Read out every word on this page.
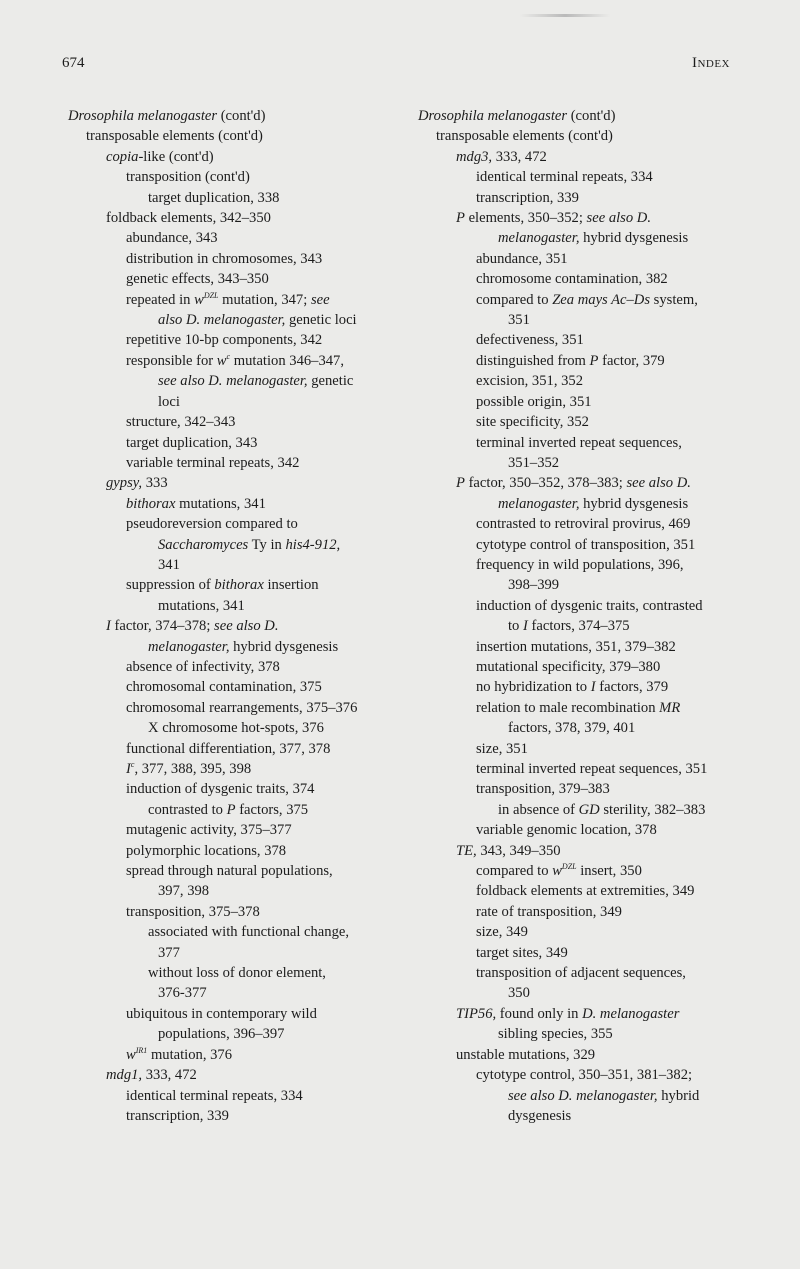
674	Index
Drosophila melanogaster (cont'd)
transposable elements (cont'd)
copia-like (cont'd)
transposition (cont'd)
target duplication, 338
foldback elements, 342–350
abundance, 343
distribution in chromosomes, 343
genetic effects, 343–350
repeated in $w^{DZL}$ mutation, 347; see
also D. melanogaster, genetic loci
repetitive 10-bp components, 342
responsible for $w^c$ mutation 346–347,
see also D. melanogaster, genetic
loci
structure, 342–343
target duplication, 343
variable terminal repeats, 342
gypsy, 333
bithorax mutations, 341
pseudoreversion compared to
Saccharomyces Ty in his4-912,
341
suppression of bithorax insertion
mutations, 341
I factor, 374–378; see also D.
melanogaster, hybrid dysgenesis
absence of infectivity, 378
chromosomal contamination, 375
chromosomal rearrangements, 375–376
X chromosome hot-spots, 376
functional differentiation, 377, 378
$I^c$, 377, 388, 395, 398
induction of dysgenic traits, 374
contrasted to P factors, 375
mutagenic activity, 375–377
polymorphic locations, 378
spread through natural populations,
397, 398
transposition, 375–378
associated with functional change,
377
without loss of donor element,
376-377
ubiquitous in contemporary wild
populations, 396–397
$w^{IR1}$ mutation, 376
mdg1, 333, 472
identical terminal repeats, 334
transcription, 339
Drosophila melanogaster (cont'd)
transposable elements (cont'd)
mdg3, 333, 472
identical terminal repeats, 334
transcription, 339
P elements, 350–352; see also D.
melanogaster, hybrid dysgenesis
abundance, 351
chromosome contamination, 382
compared to Zea mays Ac–Ds system,
351
defectiveness, 351
distinguished from P factor, 379
excision, 351, 352
possible origin, 351
site specificity, 352
terminal inverted repeat sequences,
351–352
P factor, 350–352, 378–383; see also D.
melanogaster, hybrid dysgenesis
contrasted to retroviral provirus, 469
cytotype control of transposition, 351
frequency in wild populations, 396,
398–399
induction of dysgenic traits, contrasted
to I factors, 374–375
insertion mutations, 351, 379–382
mutational specificity, 379–380
no hybridization to I factors, 379
relation to male recombination MR
factors, 378, 379, 401
size, 351
terminal inverted repeat sequences, 351
transposition, 379–383
in absence of GD sterility, 382–383
variable genomic location, 378
TE, 343, 349–350
compared to $w^{DZL}$ insert, 350
foldback elements at extremities, 349
rate of transposition, 349
size, 349
target sites, 349
transposition of adjacent sequences,
350
TIP56, found only in D. melanogaster
sibling species, 355
unstable mutations, 329
cytotype control, 350–351, 381–382;
see also D. melanogaster, hybrid
dysgenesis
